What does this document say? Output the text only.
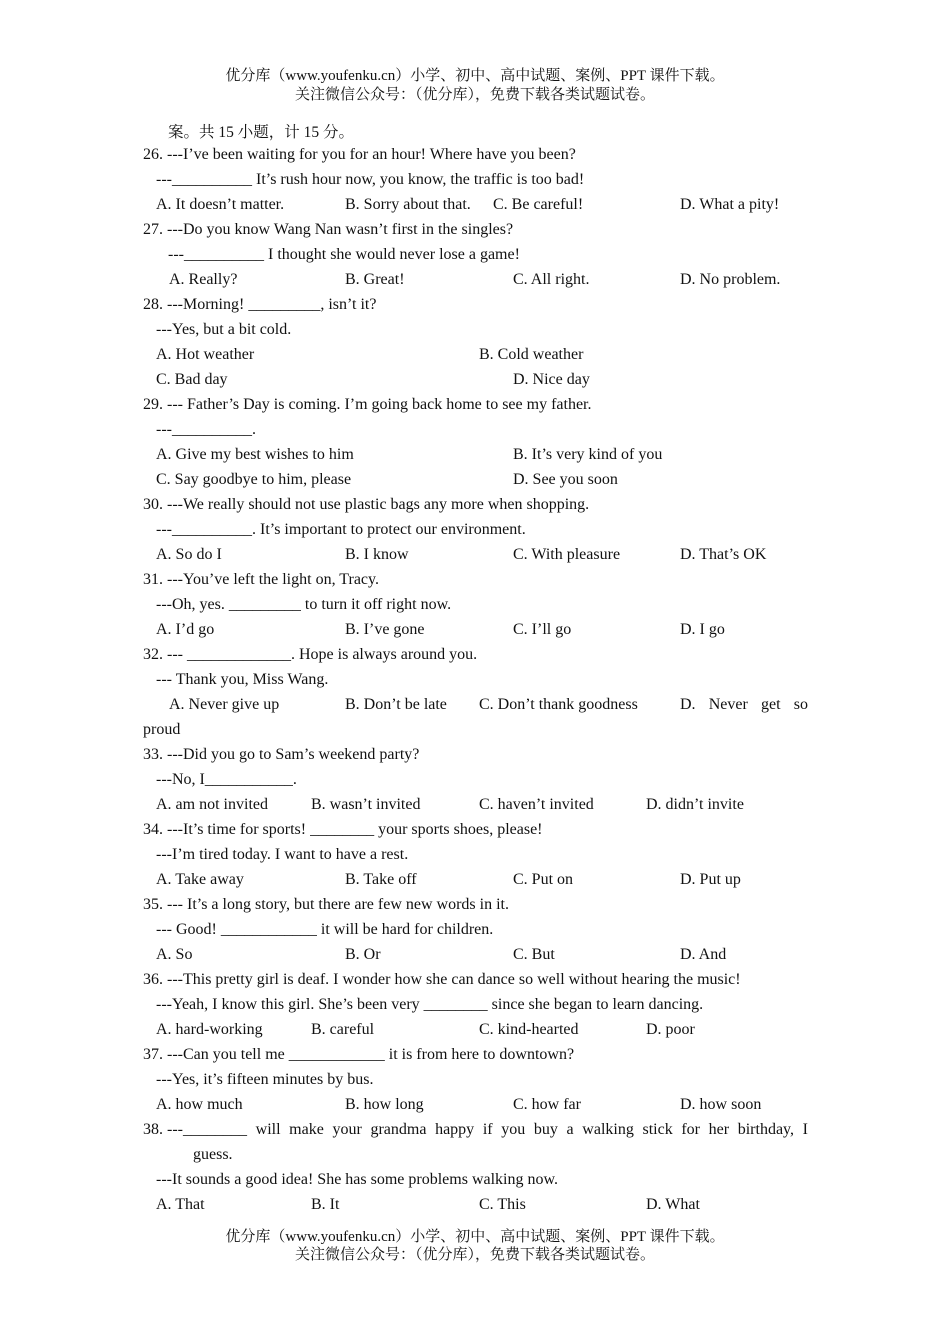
优分库（www.youfenku.cn）小学、初中、高中试题、案例、PPT 课件下载。
关注微信公众号：（优分库），免费下载各类试题试卷。
案。共 15 小题，计 15 分。
26. ---I’ve been waiting for you for an hour! Where have you been?
---__________ It’s rush hour now, you know, the traffic is too bad!
A. It doesn’t matter.	B. Sorry about that. C. Be careful!	D. What a pity!
27. ---Do you know Wang Nan wasn’t first in the singles?
---__________ I thought she would never lose a game!
A. Really?	B. Great!	C. All right.	D. No problem.
28. ---Morning! _________, isn’t it?
---Yes, but a bit cold.
A. Hot weather	B. Cold weather
C. Bad day	D. Nice day
29. --- Father’s Day is coming. I’m going back home to see my father.
---__________.
A. Give my best wishes to him	B. It’s very kind of you
C. Say goodbye to him, please	D. See you soon
30. ---We really should not use plastic bags any more when shopping.
---__________. It’s important to protect our environment.
A. So do I	B. I know	C. With pleasure	D. That’s OK
31. ---You’ve left the light on, Tracy.
---Oh, yes. _________ to turn it off right now.
A. I’d go	B. I’ve gone	C. I’ll go	D. I go
32. --- _____________. Hope is always around you.
--- Thank you, Miss Wang.
A. Never give up	B. Don’t be late C. Don’t thank goodness	D. Never get so
proud
33. ---Did you go to Sam’s weekend party?
---No, I___________.
A. am not invited	B. wasn’t invited	C. haven’t invited	D. didn’t invite
34. ---It’s time for sports! ________ your sports shoes, please!
---I’m tired today. I want to have a rest.
A. Take away	B. Take off	C. Put on	D. Put up
35. --- It’s a long story, but there are few new words in it.
--- Good! ____________ it will be hard for children.
A. So	B. Or	C. But	D. And
36. ---This pretty girl is deaf. I wonder how she can dance so well without hearing the music!
---Yeah, I know this girl. She’s been very ________ since she began to learn dancing.
A. hard-working	B. careful	C. kind-hearted	D. poor
37. ---Can you tell me ____________ it is from here to downtown?
---Yes, it’s fifteen minutes by bus.
A. how much	B. how long	C. how far	D. how soon
38. ---________ will make your grandma happy if you buy a walking stick for her birthday, I
guess.
---It sounds a good idea! She has some problems walking now.
A. That	B. It	C. This	D. What
优分库（www.youfenku.cn）小学、初中、高中试题、案例、PPT 课件下载。
关注微信公众号：（优分库），免费下载各类试题试卷。
